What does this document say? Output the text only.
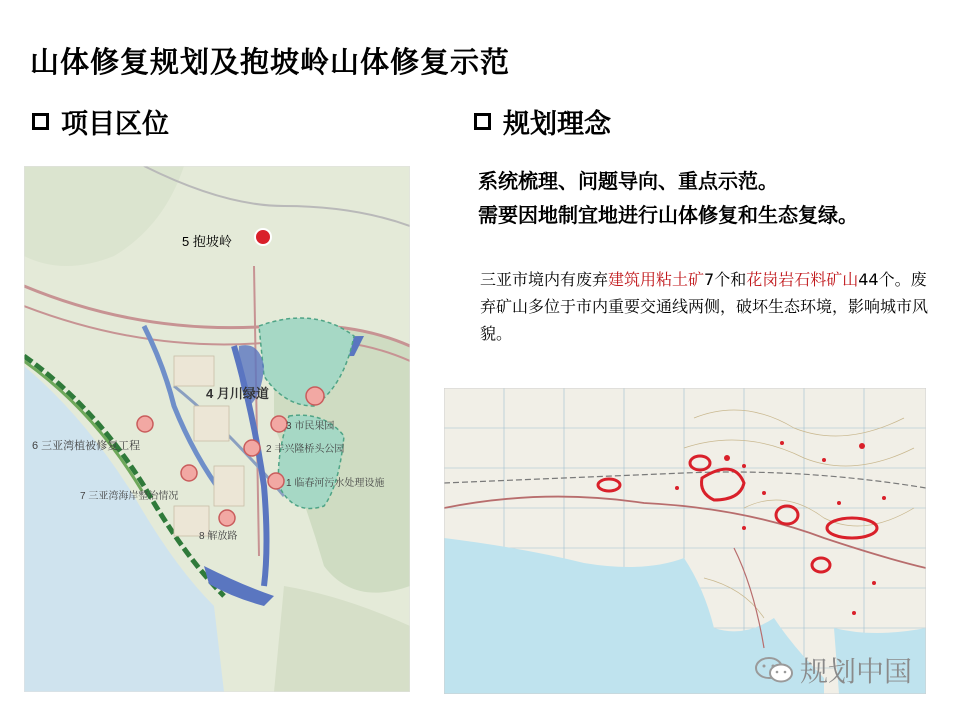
山体修复规划及抱坡岭山体修复示范
项目区位	规划理念
系统梳理、问题导向、重点示范。
需要因地制宜地进行山体修复和生态复绿。
三亚市境内有废弃建筑用粘土矿7个和花岗岩石料矿山44个。废弃矿山多位于市内重要交通线两侧，破坏生态环境，影响城市风貌。
5 抱坡岭
4 月川绿道
3 市民果园
2 丰兴隆桥头公园
1 临春河污水处理设施
6 三亚湾植被修复工程
7 三亚湾海岸整治情况
8 解放路
规划中国
